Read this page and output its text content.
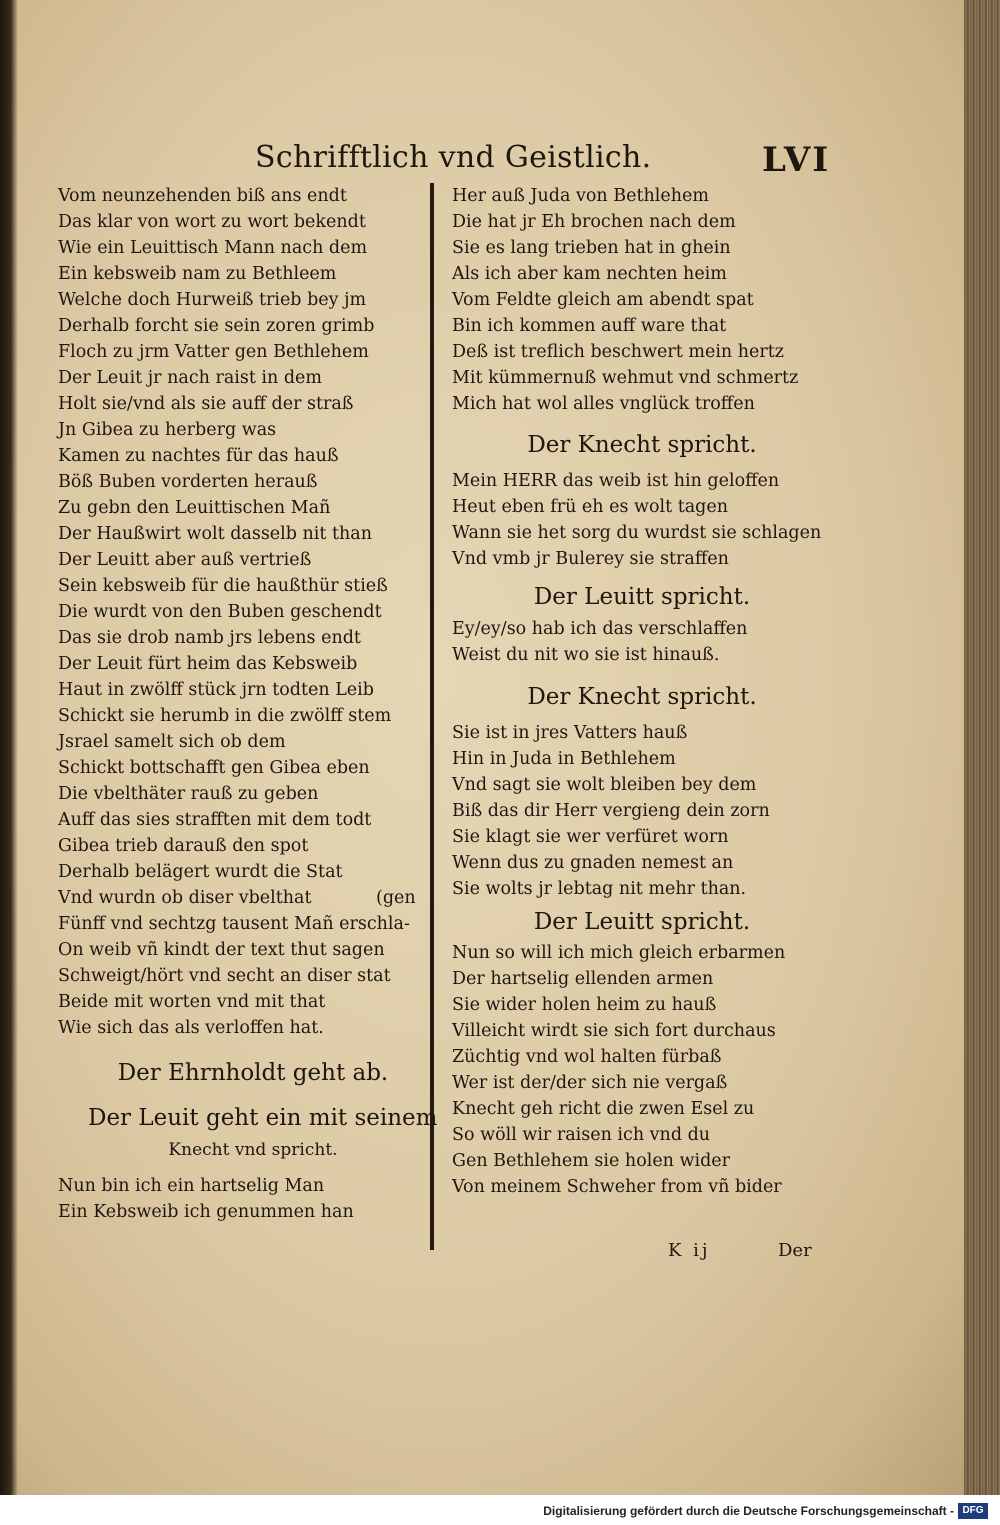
Schrifftlich vnd Geistlich.	LVI
Vom neunzehenden biß ans endt
Das klar von wort zu wort bekendt
Wie ein Leuittisch Mann nach dem
Ein kebsweib nam zu Bethleem
Welche doch Hurweiß trieb bey jm
Derhalb forcht sie sein zoren grimb
Floch zu jrm Vatter gen Bethlehem
Der Leuit jr nach raist in dem
Holt sie/vnd als sie auff der straß
Jn Gibea zu herberg was
Kamen zu nachtes für das hauß
Böß Buben vorderten herauß
Zu gebn den Leuittischen Mañ
Der Haußwirt wolt dasselb nit than
Der Leuitt aber auß vertrieß
Sein kebsweib für die haußthür stieß
Die wurdt von den Buben geschendt
Das sie drob namb jrs lebens endt
Der Leuit fürt heim das Kebsweib
Haut in zwölff stück jrn todten Leib
Schickt sie herumb in die zwölff stem
Jsrael samelt sich ob dem
Schickt bottschafft gen Gibea eben
Die vbelthäter rauß zu geben
Auff das sies strafften mit dem todt
Gibea trieb darauß den spot
Derhalb belägert wurdt die Stat
Vnd wurdn ob diser vbelthat	(gen
Fünff vnd sechtzg tausent Mañ erschla-
On weib vñ kindt der text thut sagen
Schweigt/hört vnd secht an diser stat
Beide mit worten vnd mit that
Wie sich das als verloffen hat.
Der Ehrnholdt geht ab.
Der Leuit geht ein mit seinem
Knecht vnd spricht.
Nun bin ich ein hartselig Man
Ein Kebsweib ich genummen han
Her auß Juda von Bethlehem
Die hat jr Eh brochen nach dem
Sie es lang trieben hat in ghein
Als ich aber kam nechten heim
Vom Feldte gleich am abendt spat
Bin ich kommen auff ware that
Deß ist treflich beschwert mein hertz
Mit kümmernuß wehmut vnd schmertz
Mich hat wol alles vnglück troffen
Der Knecht spricht.
Mein HERR das weib ist hin geloffen
Heut eben frü eh es wolt tagen
Wann sie het sorg du wurdst sie schlagen
Vnd vmb jr Bulerey sie straffen
Der Leuitt spricht.
Ey/ey/so hab ich das verschlaffen
Weist du nit wo sie ist hinauß.
Der Knecht spricht.
Sie ist in jres Vatters hauß
Hin in Juda in Bethlehem
Vnd sagt sie wolt bleiben bey dem
Biß das dir Herr vergieng dein zorn
Sie klagt sie wer verfüret worn
Wenn dus zu gnaden nemest an
Sie wolts jr lebtag nit mehr than.
Der Leuitt spricht.
Nun so will ich mich gleich erbarmen
Der hartselig ellenden armen
Sie wider holen heim zu hauß
Villeicht wirdt sie sich fort durchaus
Züchtig vnd wol halten fürbaß
Wer ist der/der sich nie vergaß
Knecht geh richt die zwen Esel zu
So wöll wir raisen ich vnd du
Gen Bethlehem sie holen wider
Von meinem Schweher from vñ bider
K ij	Der
Digitalisierung gefördert durch die Deutsche Forschungsgemeinschaft - DFG
